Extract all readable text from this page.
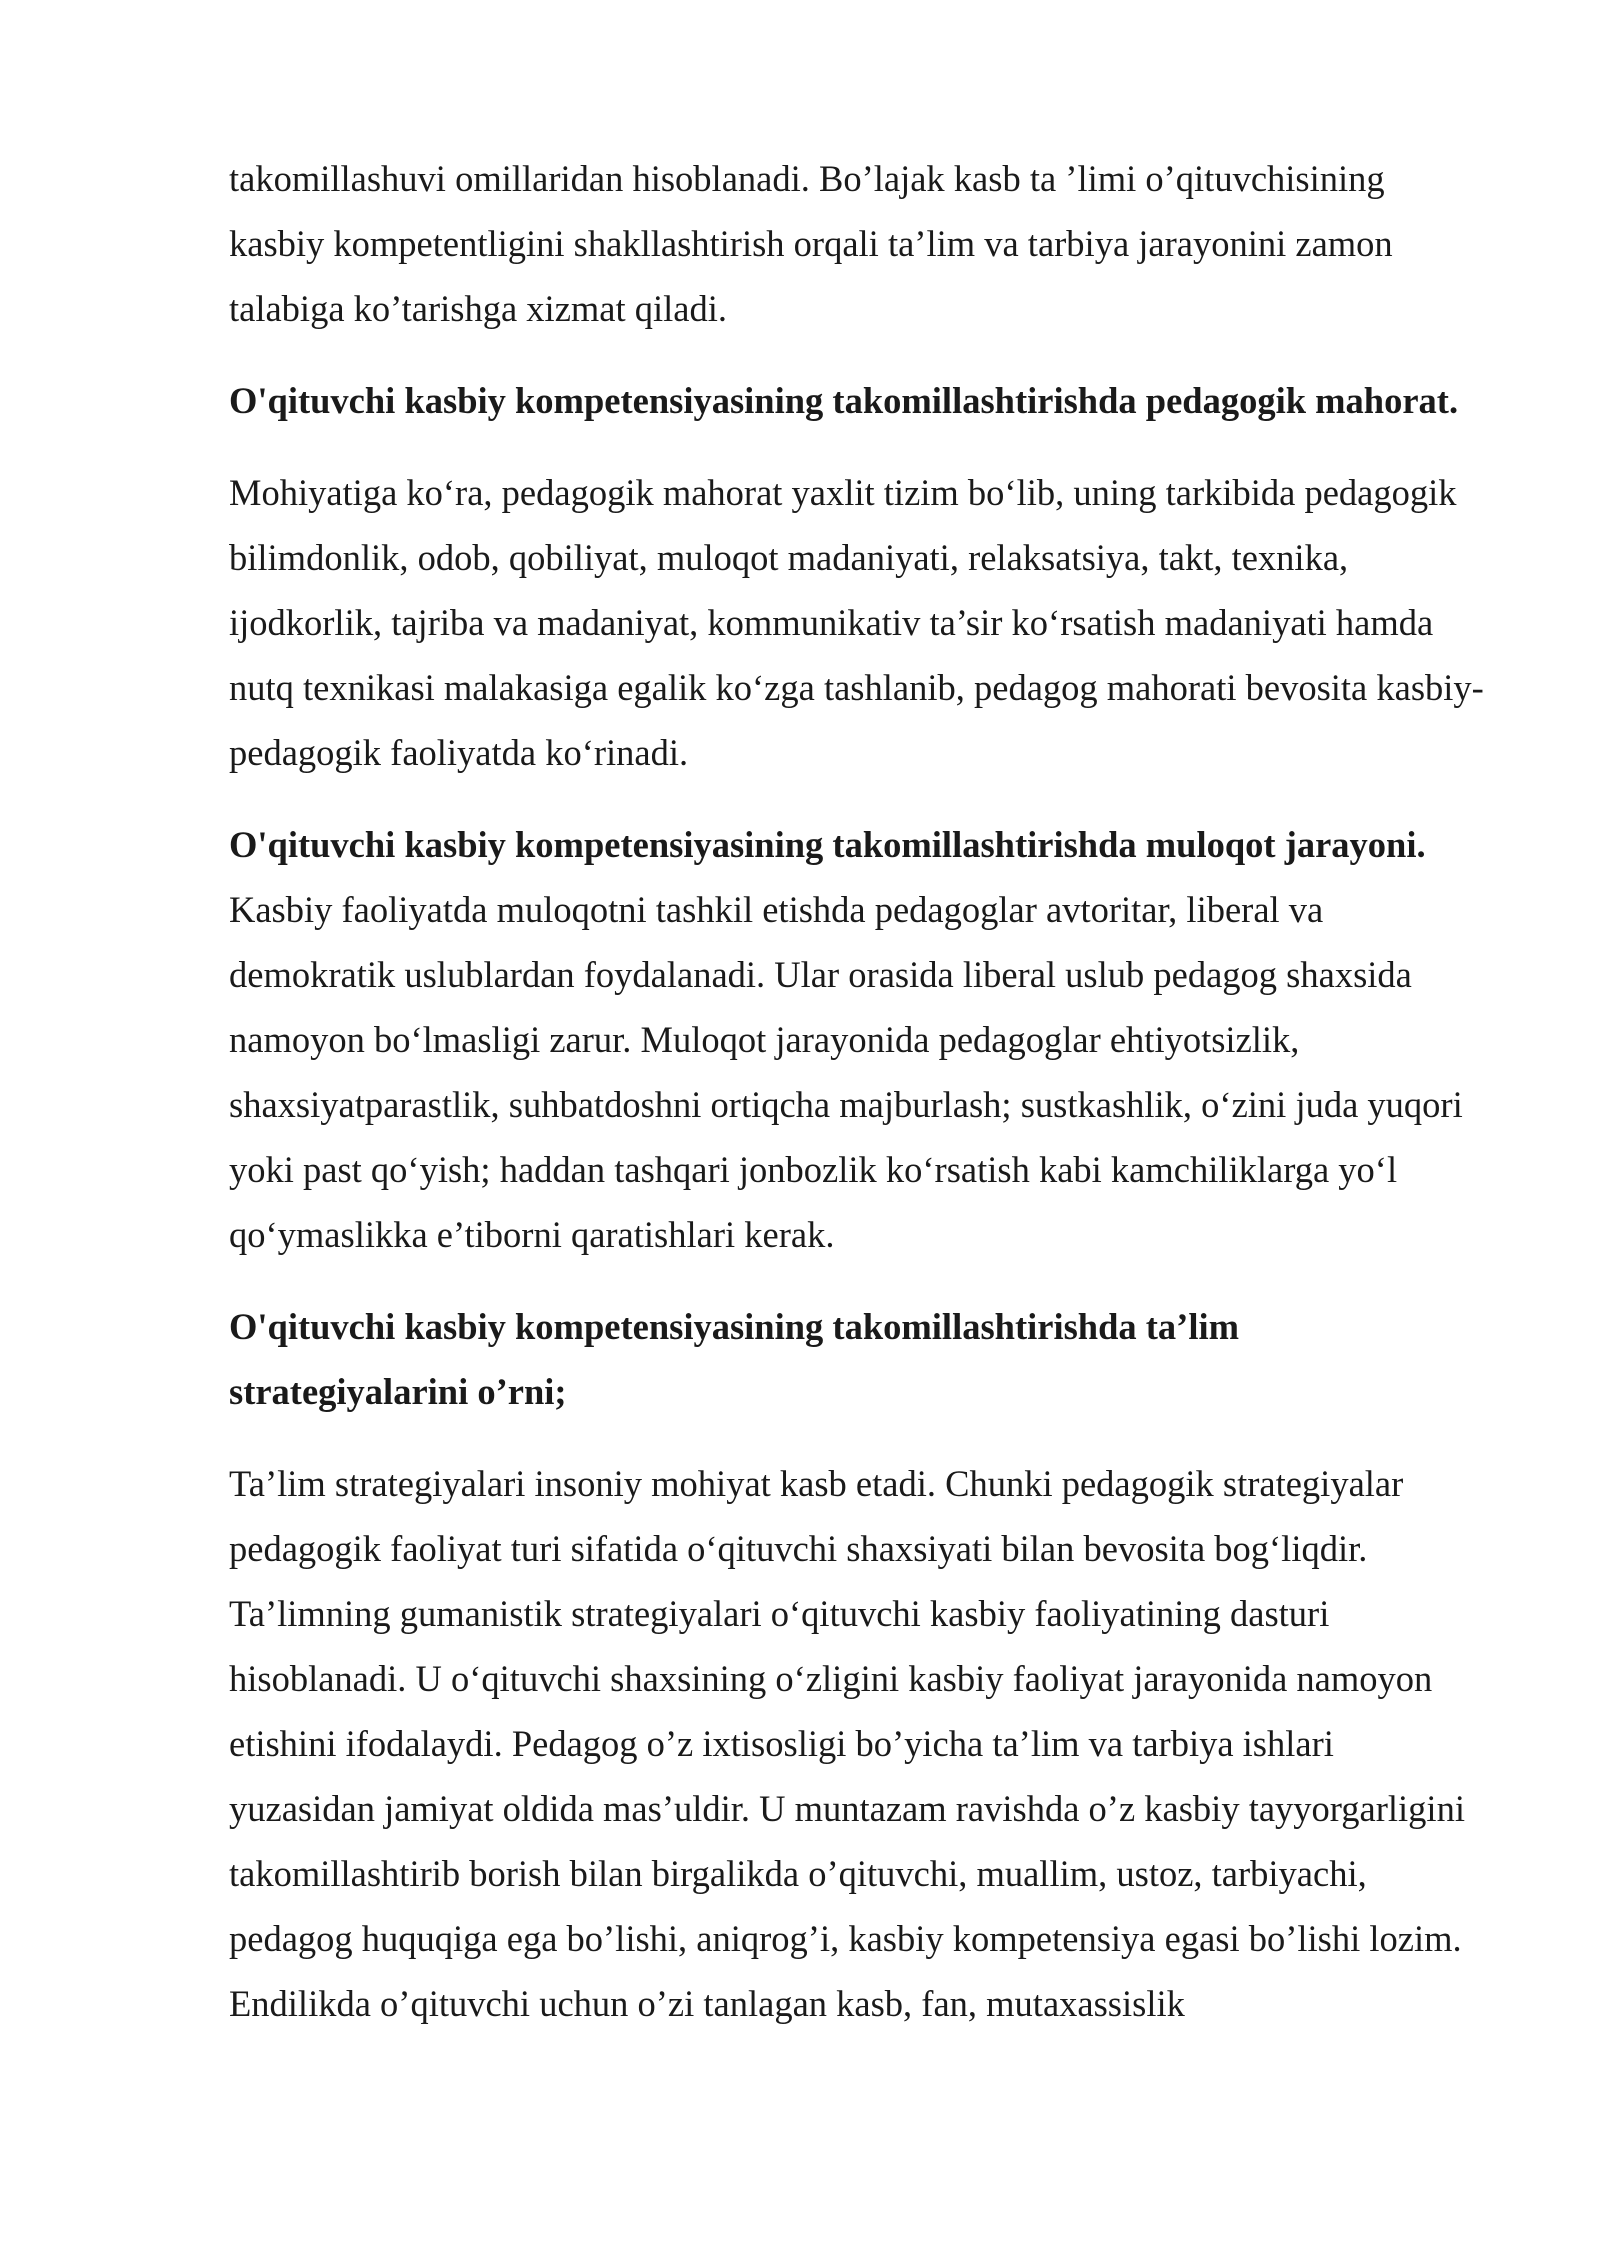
takomillashuvi omillaridan hisoblanadi. Bo’lajak kasb ta ’limi o’qituvchisining kasbiy kompetentligini shakllashtirish orqali ta’lim va tarbiya jarayonini zamon talabiga ko’tarishga xizmat qiladi.

O'qituvchi kasbiy kompetensiyasining takomillashtirishda pedagogik mahorat.

Mohiyatiga ko‘ra, pedagogik mahorat yaxlit tizim bo‘lib, uning tarkibida pedagogik bilimdonlik, odob, qobiliyat, muloqot madaniyati, relaksatsiya, takt, texnika, ijodkorlik, tajriba va madaniyat, kommunikativ ta’sir ko‘rsatish madaniyati hamda nutq texnikasi malakasiga egalik ko‘zga tashlanib, pedagog mahorati bevosita kasbiy-pedagogik faoliyatda ko‘rinadi.

O'qituvchi kasbiy kompetensiyasining takomillashtirishda muloqot jarayoni.

Kasbiy faoliyatda muloqotni tashkil etishda pedagoglar avtoritar, liberal va demokratik uslublardan foydalanadi. Ular orasida liberal uslub pedagog shaxsida namoyon bo‘lmasligi zarur. Muloqot jarayonida pedagoglar ehtiyotsizlik, shaxsiyatparastlik, suhbatdoshni ortiqcha majburlash; sustkashlik, o‘zini juda yuqori yoki past qo‘yish; haddan tashqari jonbozlik ko‘rsatish kabi kamchiliklarga yo‘l qo‘ymaslikka e’tiborni qaratishlari kerak.

O'qituvchi kasbiy kompetensiyasining takomillashtirishda ta’lim strategiyalarini o’rni;

Ta’lim strategiyalari insoniy mohiyat kasb etadi. Chunki pedagogik strategiyalar pedagogik faoliyat turi sifatida o‘qituvchi shaxsiyati bilan bevosita bog‘liqdir. Ta’limning gumanistik strategiyalari o‘qituvchi kasbiy faoliyatining dasturi hisoblanadi. U o‘qituvchi shaxsining o‘zligini kasbiy faoliyat jarayonida namoyon etishini ifodalaydi. Pedagog o’z ixtisosligi bo’yicha ta’lim va tarbiya ishlari yuzasidan jamiyat oldida mas’uldir. U muntazam ravishda o’z kasbiy tayyorgarligini takomillashtirib borish bilan birgalikda o’qituvchi, muallim, ustoz, tarbiyachi, pedagog huquqiga ega bo’lishi, aniqrog’i, kasbiy kompetensiya egasi bo’lishi lozim. Endilikda o’qituvchi uchun o’zi tanlagan kasb, fan, mutaxassislik
